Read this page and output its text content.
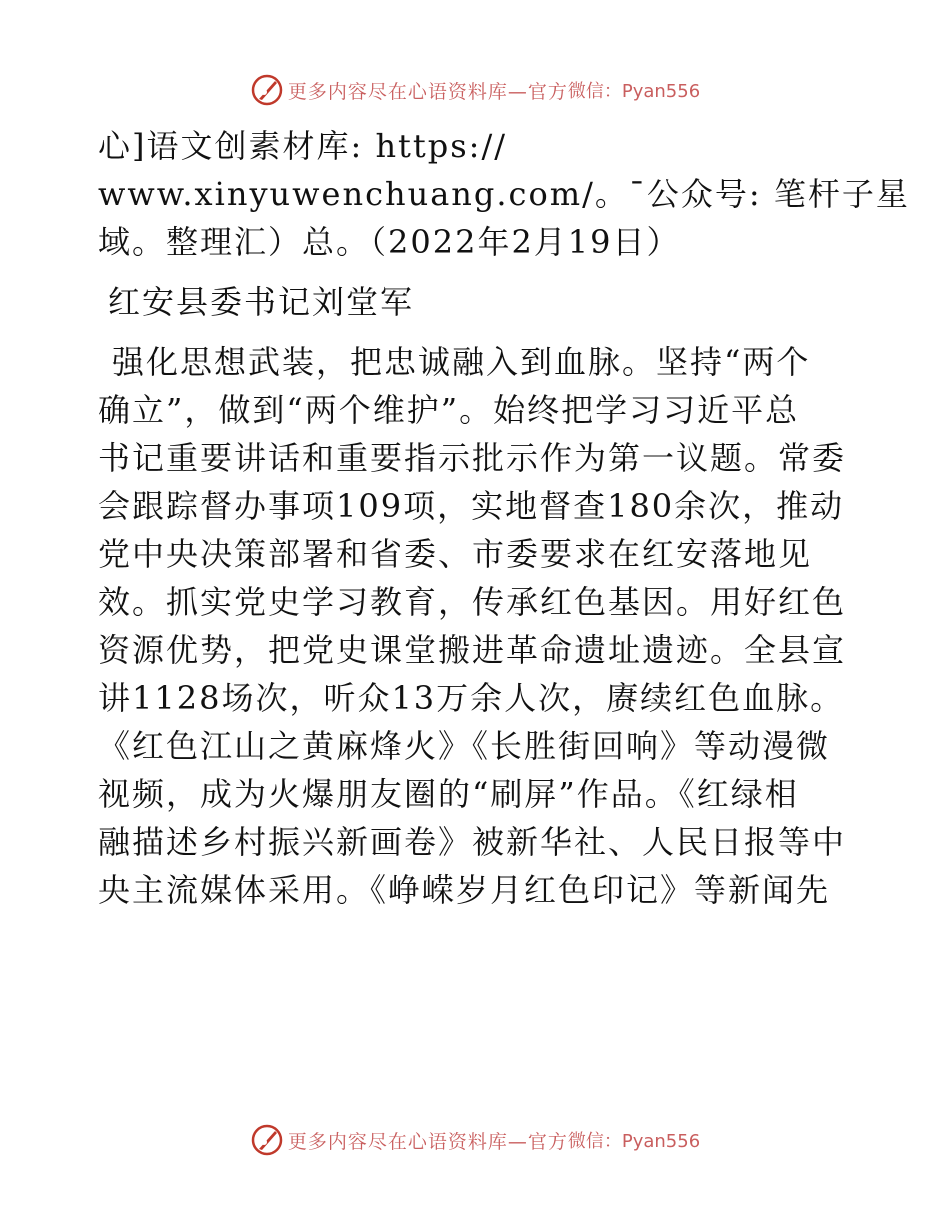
更多内容尽在心语资料库—官方 微信：Pyan556
心]语文创素材库: https://
www.xinyuwenchuang.com/。¯公众号: 笔杆子星
域。整理汇）总。（2022年2月19日）
红安县委书记刘堂军
强化思想武装，把忠诚融入到血脉。坚持“两个
确立”，做到“两个维护”。始终把学习习近平总
书记重要讲话和重要指示批示作为第一议题。常委
会跟踪督办事项109项，实地督查180余次，推动
党中央决策部署和省委、市委要求在红安落地见
效。抓实党史学习教育，传承红色基因。用好红色
资源优势，把党史课堂搬进革命遗址遗迹。全县宣
讲1128场次，听众13万余人次，赓续红色血脉。
《红色江山之黄麻烽火》《长胜街回响》等动漫微
视频，成为火爆朋友圈的“刷屏”作品。《红绿相
融描述乡村振兴新画卷》被新华社、人民日报等中
央主流媒体采用。《峥嵘岁月红色印记》等新闻先
更多内容尽在心语资料库—官方 微信：Pyan556
